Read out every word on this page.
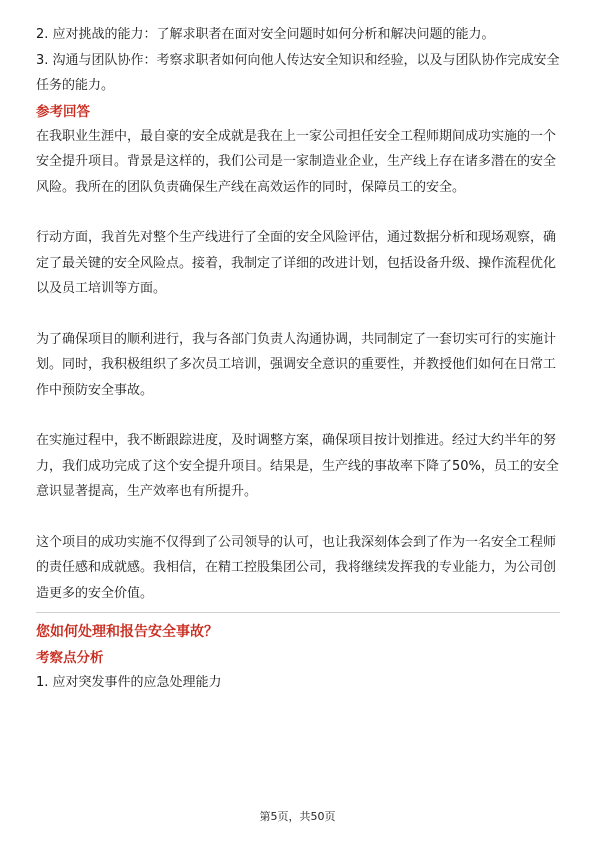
2. 应对挑战的能力：了解求职者在面对安全问题时如何分析和解决问题的能力。

3. 沟通与团队协作：考察求职者如何向他人传达安全知识和经验，以及与团队协作完成安全任务的能力。

参考回答

在我职业生涯中，最自豪的安全成就是我在上一家公司担任安全工程师期间成功实施的一个安全提升项目。背景是这样的，我们公司是一家制造业企业，生产线上存在诸多潜在的安全风险。我所在的团队负责确保生产线在高效运作的同时，保障员工的安全。

行动方面，我首先对整个生产线进行了全面的安全风险评估，通过数据分析和现场观察，确定了最关键的安全风险点。接着，我制定了详细的改进计划，包括设备升级、操作流程优化以及员工培训等方面。

为了确保项目的顺利进行，我与各部门负责人沟通协调，共同制定了一套切实可行的实施计划。同时，我积极组织了多次员工培训，强调安全意识的重要性，并教授他们如何在日常工作中预防安全事故。

在实施过程中，我不断跟踪进度，及时调整方案，确保项目按计划推进。经过大约半年的努力，我们成功完成了这个安全提升项目。结果是，生产线的事故率下降了50%，员工的安全意识显著提高，生产效率也有所提升。

这个项目的成功实施不仅得到了公司领导的认可，也让我深刻体会到了作为一名安全工程师的责任感和成就感。我相信，在精工控股集团公司，我将继续发挥我的专业能力，为公司创造更多的安全价值。

您如何处理和报告安全事故？

考察点分析

1. 应对突发事件的应急处理能力

第5页，共50页
